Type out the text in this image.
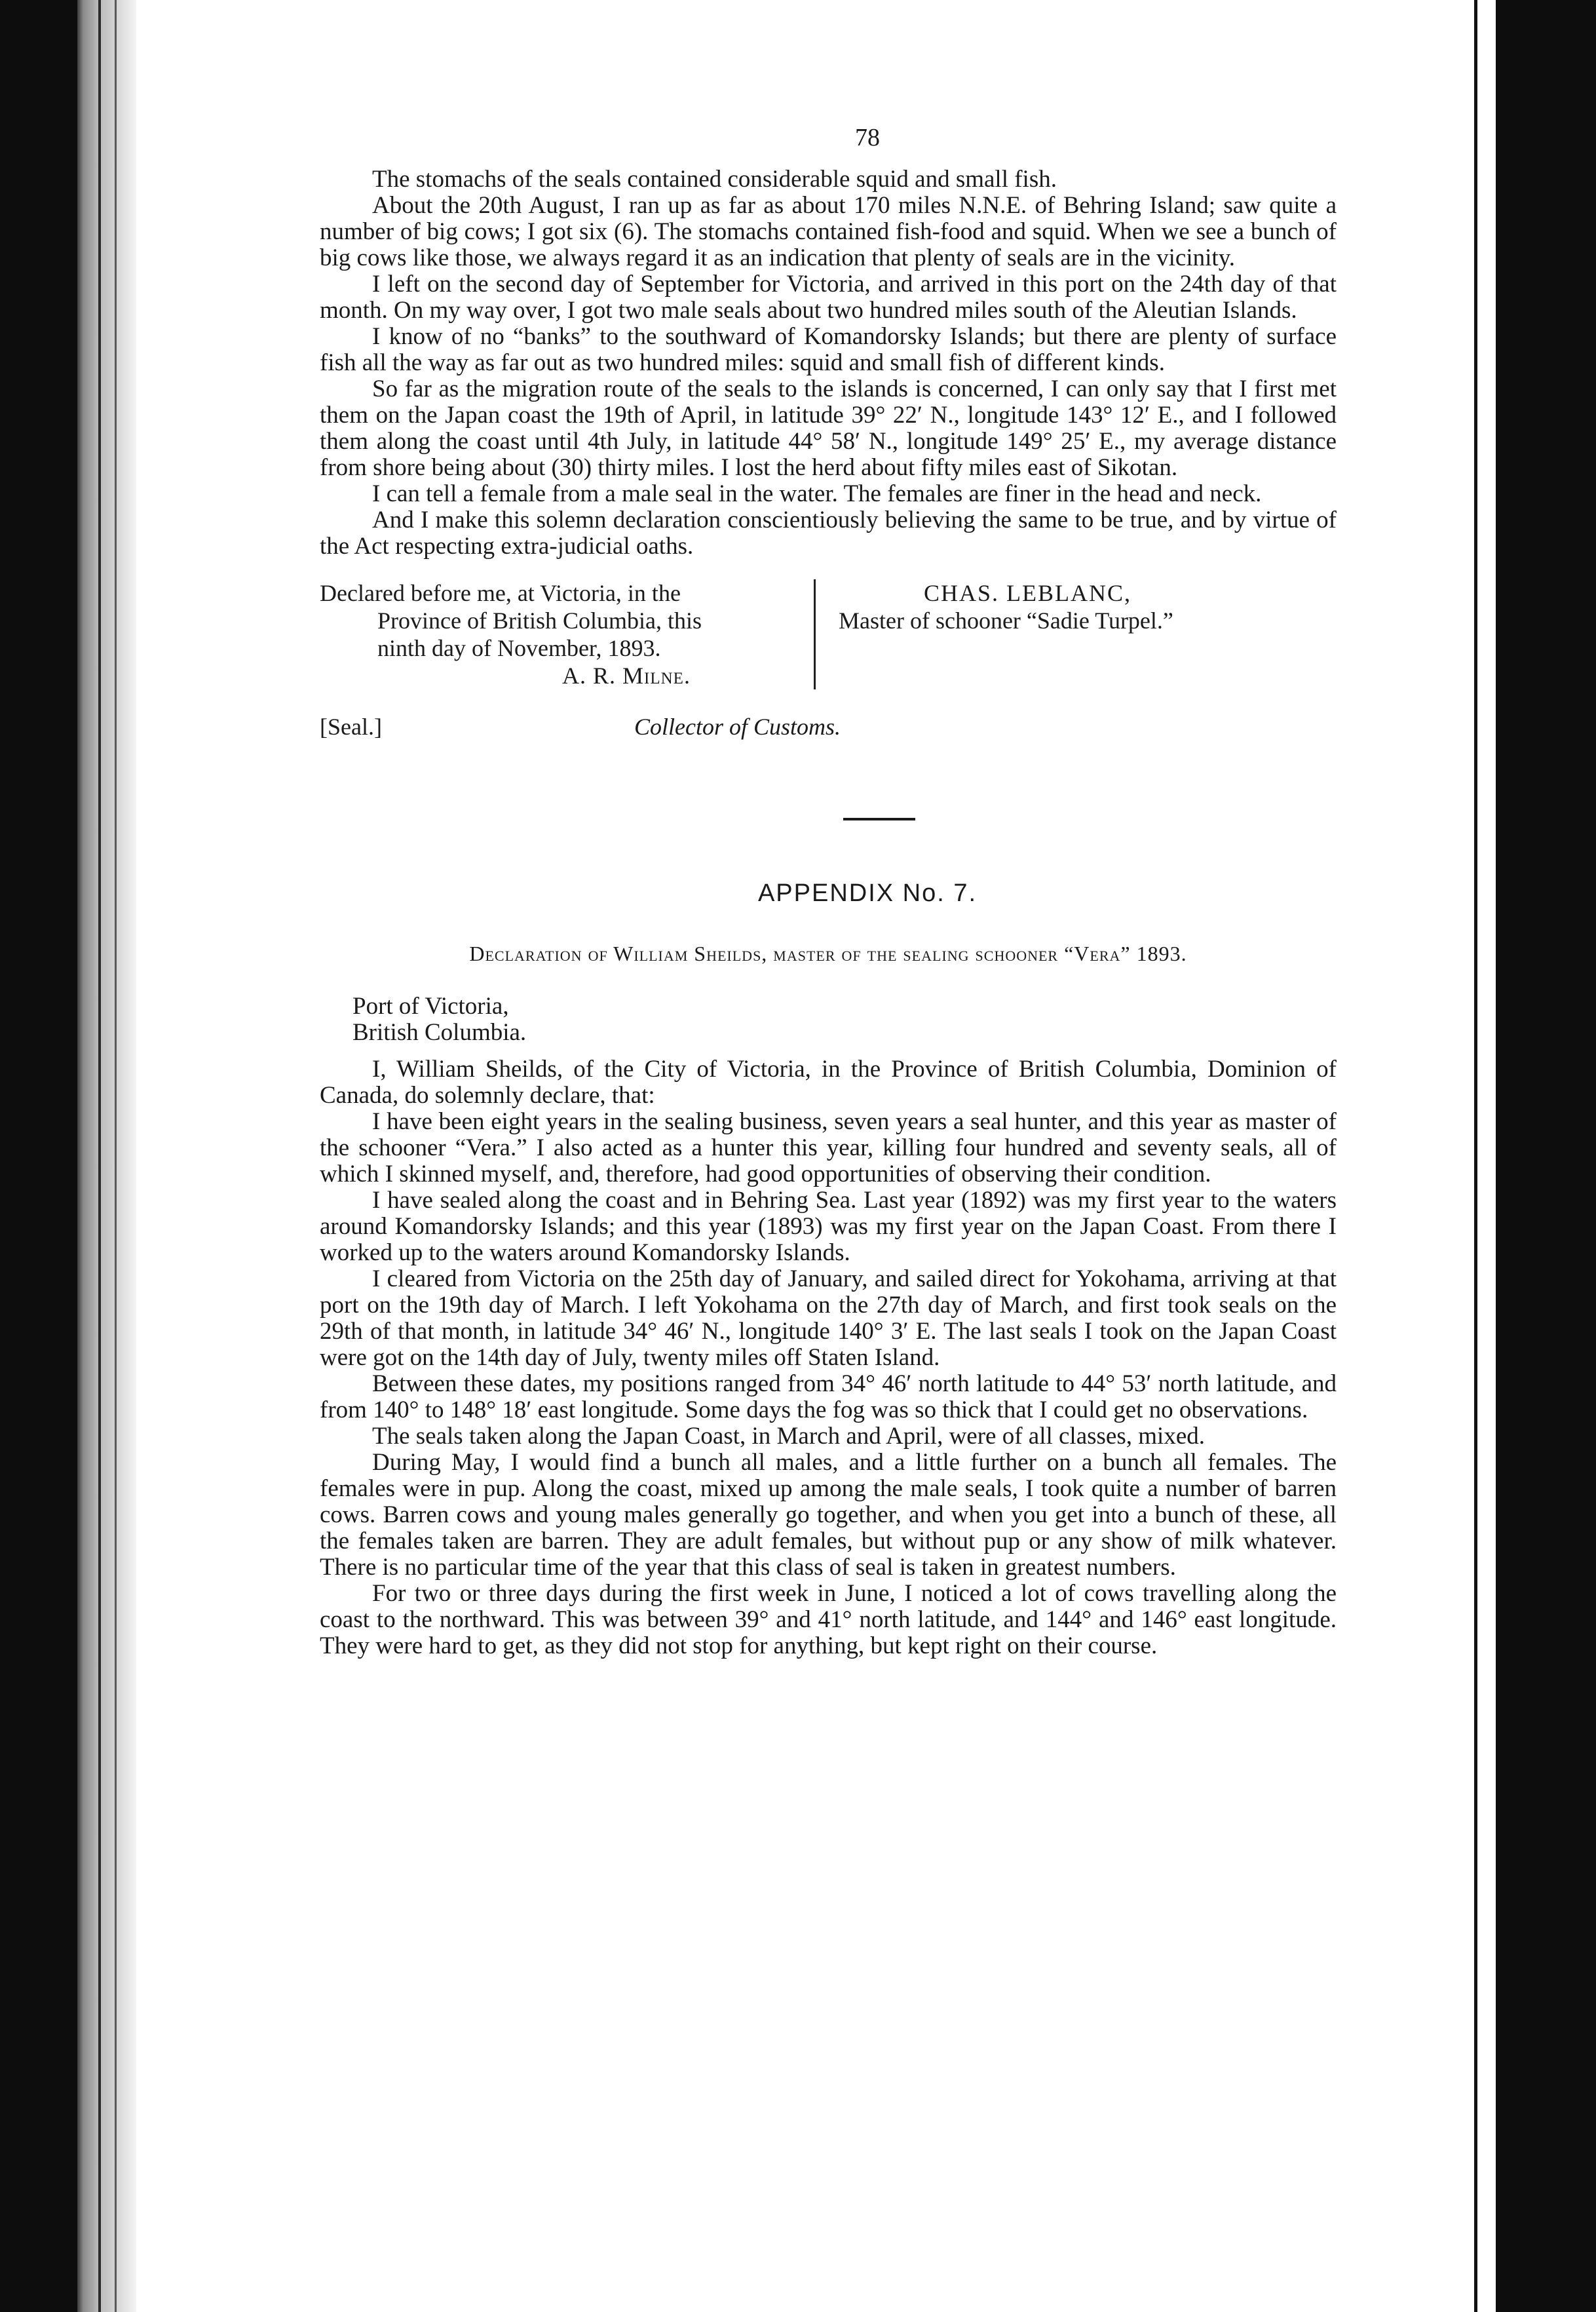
78

The stomachs of the seals contained considerable squid and small fish.

About the 20th August, I ran up as far as about 170 miles N.N.E. of Behring Island; saw quite a number of big cows; I got six (6). The stomachs contained fish-food and squid. When we see a bunch of big cows like those, we always regard it as an indication that plenty of seals are in the vicinity.

I left on the second day of September for Victoria, and arrived in this port on the 24th day of that month. On my way over, I got two male seals about two hundred miles south of the Aleutian Islands.

I know of no “banks” to the southward of Komandorsky Islands; but there are plenty of surface fish all the way as far out as two hundred miles: squid and small fish of different kinds.

So far as the migration route of the seals to the islands is concerned, I can only say that I first met them on the Japan coast the 19th of April, in latitude 39° 22′ N., longitude 143° 12′ E., and I followed them along the coast until 4th July, in latitude 44° 58′ N., longitude 149° 25′ E., my average distance from shore being about (30) thirty miles. I lost the herd about fifty miles east of Sikotan.

I can tell a female from a male seal in the water. The females are finer in the head and neck.

And I make this solemn declaration conscientiously believing the same to be true, and by virtue of the Act respecting extra-judicial oaths.

Declared before me, at Victoria, in the
Province of British Columbia, this
ninth day of November, 1893.
A. R. Milne.
CHAS. LEBLANC,
Master of schooner “Sadie Turpel.”
[Seal.]	Collector of Customs.
APPENDIX No. 7.
Declaration of William Sheilds, master of the sealing schooner “Vera” 1893.
Port of Victoria,
British Columbia.

I, William Sheilds, of the City of Victoria, in the Province of British Columbia, Dominion of Canada, do solemnly declare, that:

I have been eight years in the sealing business, seven years a seal hunter, and this year as master of the schooner “Vera.” I also acted as a hunter this year, killing four hundred and seventy seals, all of which I skinned myself, and, therefore, had good opportunities of observing their condition.

I have sealed along the coast and in Behring Sea. Last year (1892) was my first year to the waters around Komandorsky Islands; and this year (1893) was my first year on the Japan Coast. From there I worked up to the waters around Komandorsky Islands.

I cleared from Victoria on the 25th day of January, and sailed direct for Yokohama, arriving at that port on the 19th day of March. I left Yokohama on the 27th day of March, and first took seals on the 29th of that month, in latitude 34° 46′ N., longitude 140° 3′ E. The last seals I took on the Japan Coast were got on the 14th day of July, twenty miles off Staten Island.

Between these dates, my positions ranged from 34° 46′ north latitude to 44° 53′ north latitude, and from 140° to 148° 18′ east longitude. Some days the fog was so thick that I could get no observations.

The seals taken along the Japan Coast, in March and April, were of all classes, mixed.

During May, I would find a bunch all males, and a little further on a bunch all females. The females were in pup. Along the coast, mixed up among the male seals, I took quite a number of barren cows. Barren cows and young males generally go together, and when you get into a bunch of these, all the females taken are barren. They are adult females, but without pup or any show of milk whatever. There is no particular time of the year that this class of seal is taken in greatest numbers.

For two or three days during the first week in June, I noticed a lot of cows travelling along the coast to the northward. This was between 39° and 41° north latitude, and 144° and 146° east longitude. They were hard to get, as they did not stop for anything, but kept right on their course.
